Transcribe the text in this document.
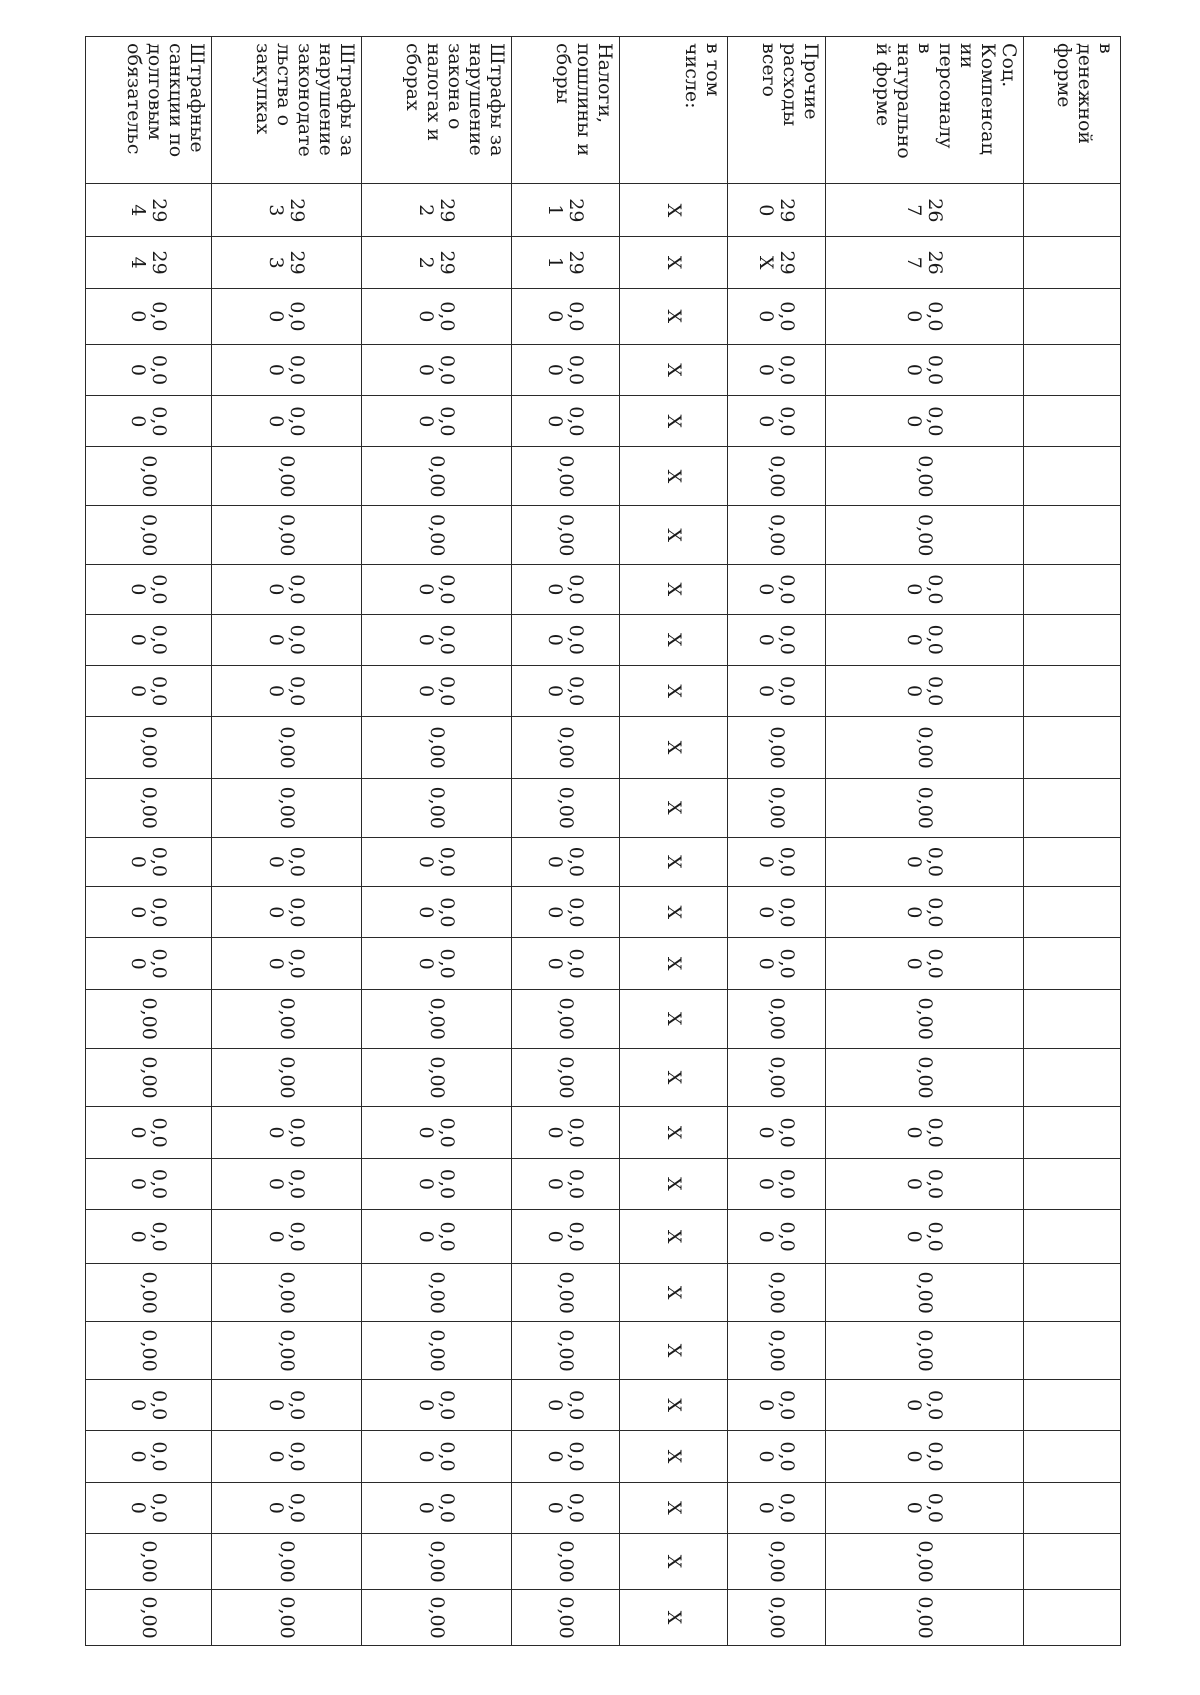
в
денежной
форме
Соц.
Компенсац
ии
персоналу
в
натурально
й форме
26
7
26
7
0,0
0
0,0
0
0,0
0
0,00
0,00
0,0
0
0,0
0
0,0
0
0,00
0,00
0,0
0
0,0
0
0,0
0
0,00
0,00
0,0
0
0,0
0
0,0
0
0,00
0,00
0,0
0
0,0
0
0,0
0
0,00
0,00
Прочие
расходы
всего
29
0
29
X
0,0
0
0,0
0
0,0
0
0,00
0,00
0,0
0
0,0
0
0,0
0
0,00
0,00
0,0
0
0,0
0
0,0
0
0,00
0,00
0,0
0
0,0
0
0,0
0
0,00
0,00
0,0
0
0,0
0
0,0
0
0,00
0,00
в том
числе:
X
X
X
X
X
X
X
X
X
X
X
X
X
X
X
X
X
X
X
X
X
X
X
X
X
X
X
Налоги,
пошлины и
сборы
29
1
29
1
0,0
0
0,0
0
0,0
0
0,00
0,00
0,0
0
0,0
0
0,0
0
0,00
0,00
0,0
0
0,0
0
0,0
0
0,00
0,00
0,0
0
0,0
0
0,0
0
0,00
0,00
0,0
0
0,0
0
0,0
0
0,00
0,00
Штрафы за
нарушение
закона о
налогах и
сборах
29
2
29
2
0,0
0
0,0
0
0,0
0
0,00
0,00
0,0
0
0,0
0
0,0
0
0,00
0,00
0,0
0
0,0
0
0,0
0
0,00
0,00
0,0
0
0,0
0
0,0
0
0,00
0,00
0,0
0
0,0
0
0,0
0
0,00
0,00
Штрафы за
нарушение
законодате
льства о
закупках
29
3
29
3
0,0
0
0,0
0
0,0
0
0,00
0,00
0,0
0
0,0
0
0,0
0
0,00
0,00
0,0
0
0,0
0
0,0
0
0,00
0,00
0,0
0
0,0
0
0,0
0
0,00
0,00
0,0
0
0,0
0
0,0
0
0,00
0,00
Штрафные
санкции по
долговым
обязательс
29
4
29
4
0,0
0
0,0
0
0,0
0
0,00
0,00
0,0
0
0,0
0
0,0
0
0,00
0,00
0,0
0
0,0
0
0,0
0
0,00
0,00
0,0
0
0,0
0
0,0
0
0,00
0,00
0,0
0
0,0
0
0,0
0
0,00
0,00
